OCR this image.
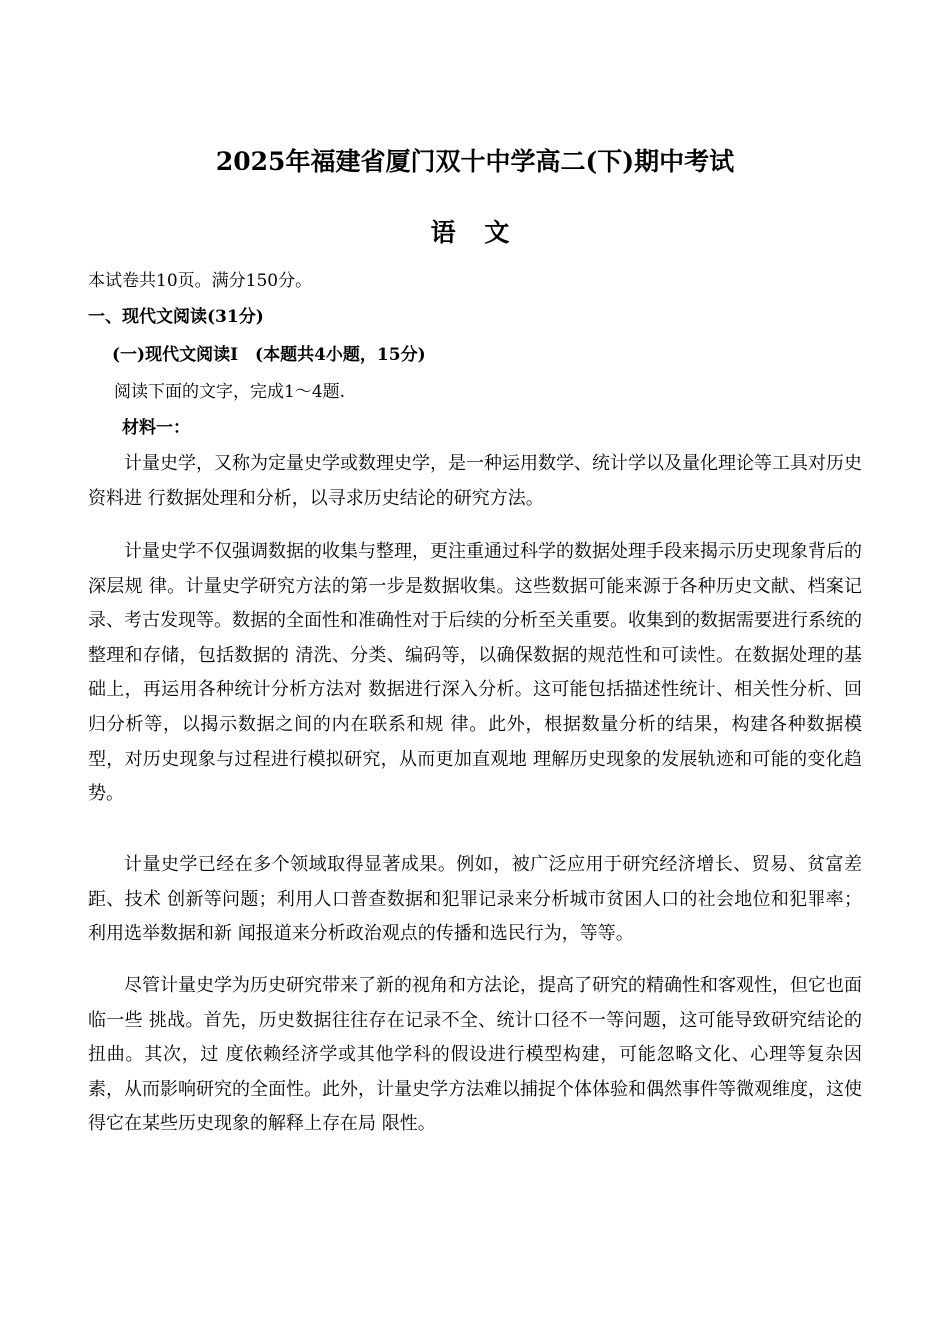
2025年福建省厦门双十中学高二(下)期中考试
语 文
本试卷共10页。满分150分。
一、现代文阅读(31分)
(一)现代文阅读Ⅰ　(本题共4小题，15分)
阅读下面的文字，完成1～4题.
材料一：

计量史学，又称为定量史学或数理史学，是一种运用数学、统计学以及量化理论等工具对历史资料进 行数据处理和分析，以寻求历史结论的研究方法。

计量史学不仅强调数据的收集与整理，更注重通过科学的数据处理手段来揭示历史现象背后的深层规 律。计量史学研究方法的第一步是数据收集。这些数据可能来源于各种历史文献、档案记录、考古发现等。数据的全面性和准确性对于后续的分析至关重要。收集到的数据需要进行系统的整理和存储，包括数据的 清洗、分类、编码等，以确保数据的规范性和可读性。在数据处理的基础上，再运用各种统计分析方法对 数据进行深入分析。这可能包括描述性统计、相关性分析、回归分析等，以揭示数据之间的内在联系和规 律。此外，根据数量分析的结果，构建各种数据模型，对历史现象与过程进行模拟研究，从而更加直观地 理解历史现象的发展轨迹和可能的变化趋势。

计量史学已经在多个领域取得显著成果。例如，被广泛应用于研究经济增长、贸易、贫富差距、技术 创新等问题；利用人口普查数据和犯罪记录来分析城市贫困人口的社会地位和犯罪率；利用选举数据和新 闻报道来分析政治观点的传播和选民行为，等等。

尽管计量史学为历史研究带来了新的视角和方法论，提高了研究的精确性和客观性，但它也面临一些 挑战。首先，历史数据往往存在记录不全、统计口径不一等问题，这可能导致研究结论的扭曲。其次，过 度依赖经济学或其他学科的假设进行模型构建，可能忽略文化、心理等复杂因素，从而影响研究的全面性。此外，计量史学方法难以捕捉个体体验和偶然事件等微观维度，这使得它在某些历史现象的解释上存在局 限性。
